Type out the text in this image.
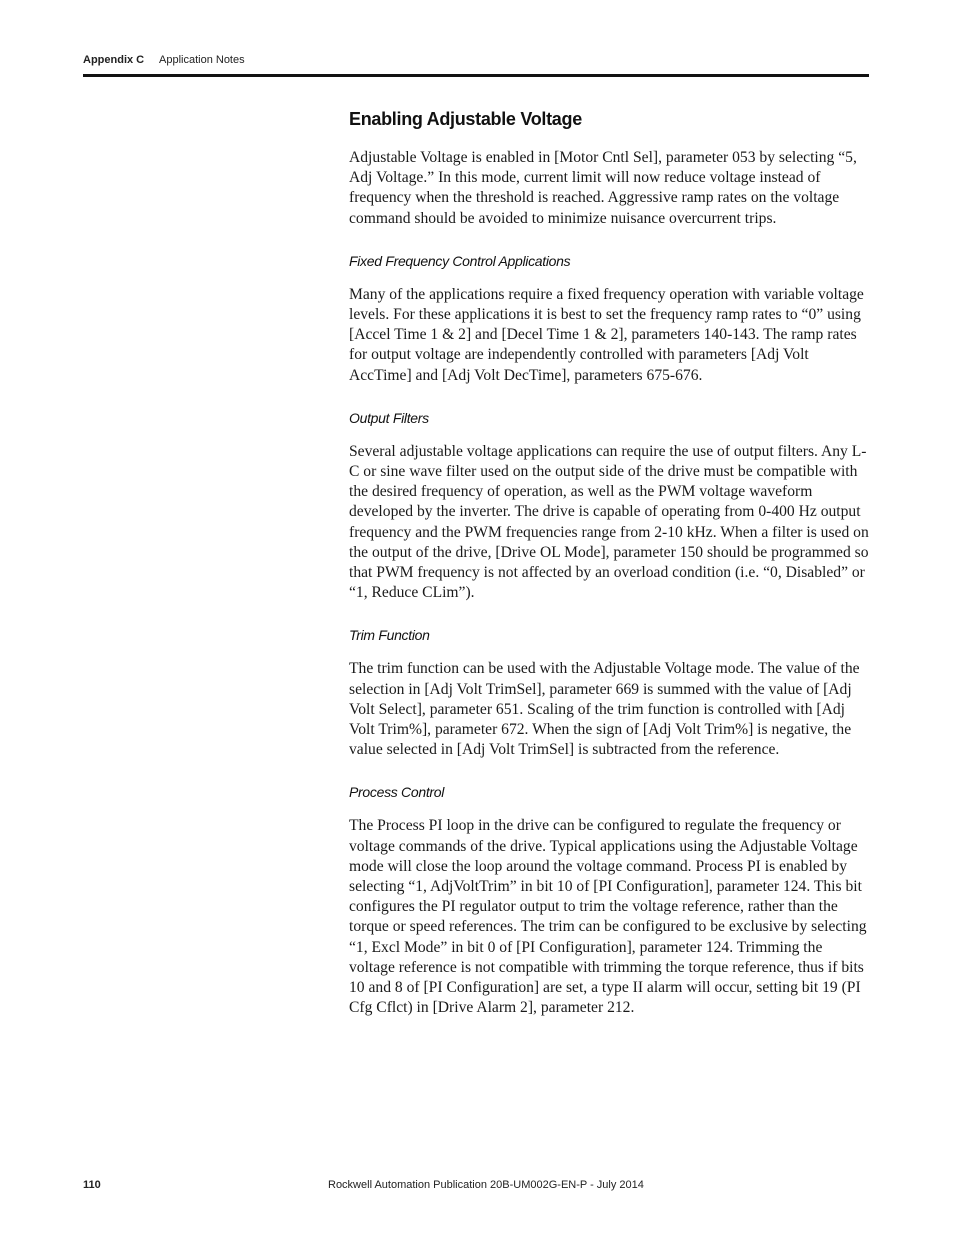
Appendix C Application Notes
Enabling Adjustable Voltage

Adjustable Voltage is enabled in [Motor Cntl Sel], parameter 053 by selecting “5, Adj Voltage.” In this mode, current limit will now reduce voltage instead of frequency when the threshold is reached. Aggressive ramp rates on the voltage command should be avoided to minimize nuisance overcurrent trips.

Fixed Frequency Control Applications

Many of the applications require a fixed frequency operation with variable voltage levels. For these applications it is best to set the frequency ramp rates to “0” using [Accel Time 1 & 2] and [Decel Time 1 & 2], parameters 140-143. The ramp rates for output voltage are independently controlled with parameters [Adj Volt AccTime] and [Adj Volt DecTime], parameters 675-676.

Output Filters

Several adjustable voltage applications can require the use of output filters. Any L-C or sine wave filter used on the output side of the drive must be compatible with the desired frequency of operation, as well as the PWM voltage waveform developed by the inverter. The drive is capable of operating from 0-400 Hz output frequency and the PWM frequencies range from 2-10 kHz. When a filter is used on the output of the drive, [Drive OL Mode], parameter 150 should be programmed so that PWM frequency is not affected by an overload condition (i.e. “0, Disabled” or “1, Reduce CLim”).

Trim Function

The trim function can be used with the Adjustable Voltage mode. The value of the selection in [Adj Volt TrimSel], parameter 669 is summed with the value of [Adj Volt Select], parameter 651. Scaling of the trim function is controlled with [Adj Volt Trim%], parameter 672. When the sign of [Adj Volt Trim%] is negative, the value selected in [Adj Volt TrimSel] is subtracted from the reference.

Process Control

The Process PI loop in the drive can be configured to regulate the frequency or voltage commands of the drive. Typical applications using the Adjustable Voltage mode will close the loop around the voltage command. Process PI is enabled by selecting “1, AdjVoltTrim” in bit 10 of [PI Configuration], parameter 124. This bit configures the PI regulator output to trim the voltage reference, rather than the torque or speed references. The trim can be configured to be exclusive by selecting “1, Excl Mode” in bit 0 of [PI Configuration], parameter 124. Trimming the voltage reference is not compatible with trimming the torque reference, thus if bits 10 and 8 of [PI Configuration] are set, a type II alarm will occur, setting bit 19 (PI Cfg Cflct) in [Drive Alarm 2], parameter 212.

110	Rockwell Automation Publication 20B-UM002G-EN-P - July 2014
